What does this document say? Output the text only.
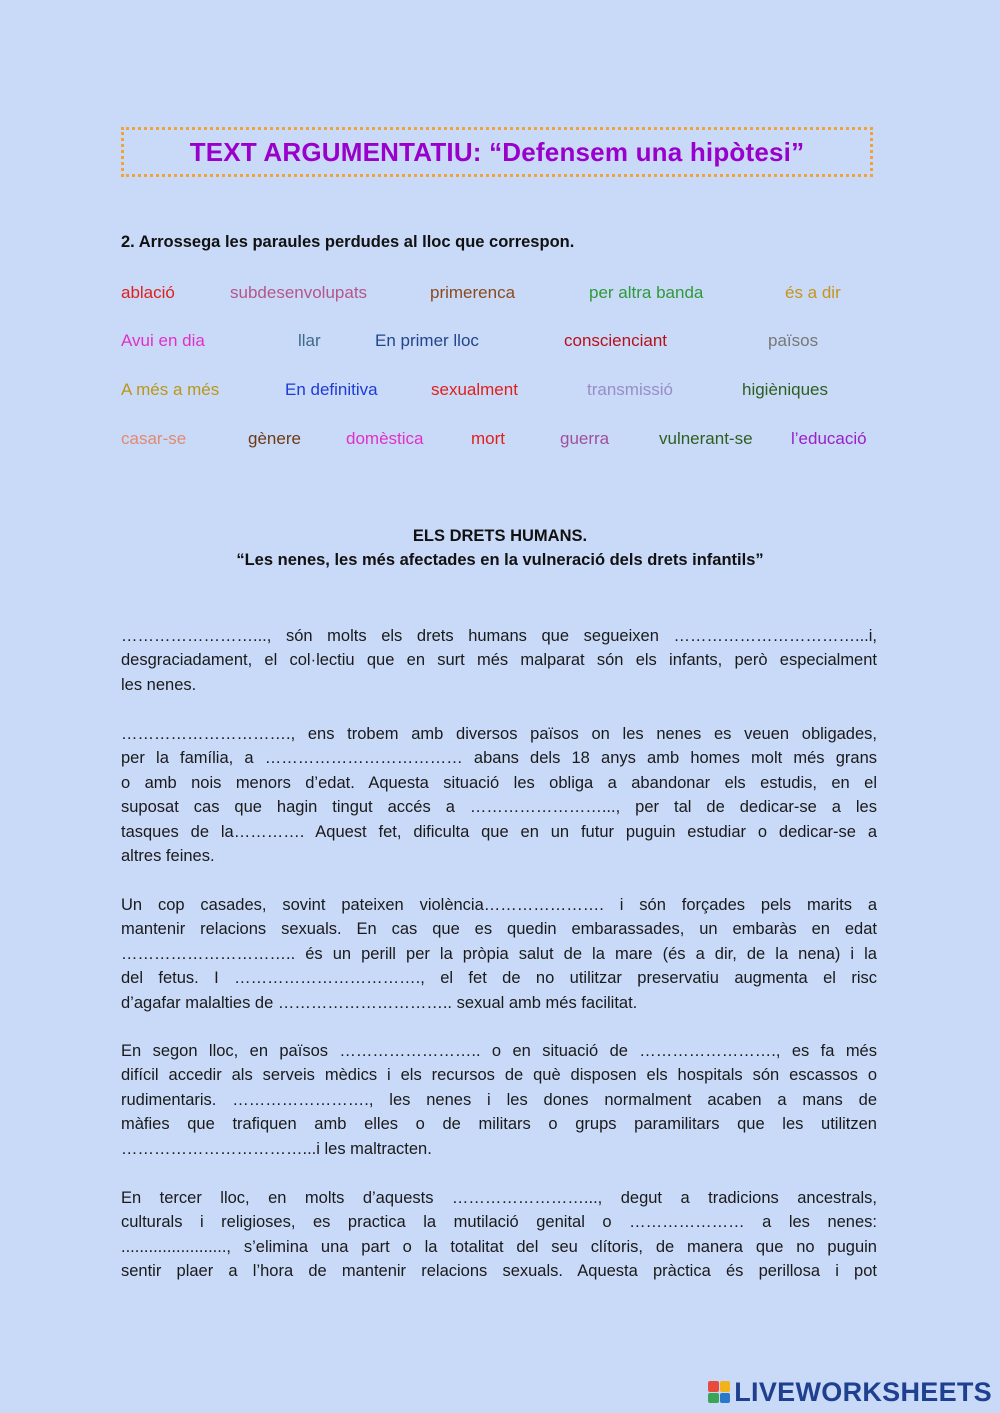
TEXT ARGUMENTATIU: “Defensem una hipòtesi”
2. Arrossega les paraules perdudes al lloc que correspon.
ablació	subdesenvolupats	primerenca	per altra banda	és a dir
Avui en dia	llar	En primer lloc	conscienciant	països
A més a més	En definitiva	sexualment	transmissió	higièniques
casar-se	gènere	domèstica	mort	guerra	vulnerant-se l’educació
ELS DRETS HUMANS.
“Les nenes, les més afectades en la vulneració dels drets infantils”
……………………..., són molts els drets humans que segueixen ……………………………...i,
desgraciadament, el col·lectiu que en surt més malparat són els infants, però especialment
les nenes.
…………………………., ens trobem amb diversos països on les nenes es veuen obligades,
per la família, a ……………………………… abans dels 18 anys amb homes molt més grans
o amb nois menors d’edat. Aquesta situació les obliga a abandonar els estudis, en el
suposat cas que hagin tingut accés a ……………………..., per tal de dedicar-se a les
tasques de la…………. Aquest fet, dificulta que en un futur puguin estudiar o dedicar-se a
altres feines.
Un cop casades, sovint pateixen violència…………………. i són forçades pels marits a
mantenir relacions sexuals. En cas que es quedin embarassades, un embaràs en edat
………………………….. és un perill per la pròpia salut de la mare (és a dir, de la nena) i la
del fetus. I ……………………………., el fet de no utilitzar preservatiu augmenta el risc
d’agafar malalties de ………………………….. sexual amb més facilitat.
En segon lloc, en països …………………….. o en situació de ……………………., es fa més
difícil accedir als serveis mèdics i els recursos de què disposen els hospitals són escassos o
rudimentaris. ……………………., les nenes i les dones normalment acaben a mans de
màfies que trafiquen amb elles o de militars o grups paramilitars que les utilitzen
……………………………...i les maltracten.
En tercer lloc, en molts d’aquests ……………………..., degut a tradicions ancestrals,
culturals i religioses, es practica la mutilació genital o ………………… a les nenes:
......................., s’elimina una part o la totalitat del seu clítoris, de manera que no puguin
sentir plaer a l’hora de mantenir relacions sexuals. Aquesta pràctica és perillosa i pot
LIVEWORKSHEETS
